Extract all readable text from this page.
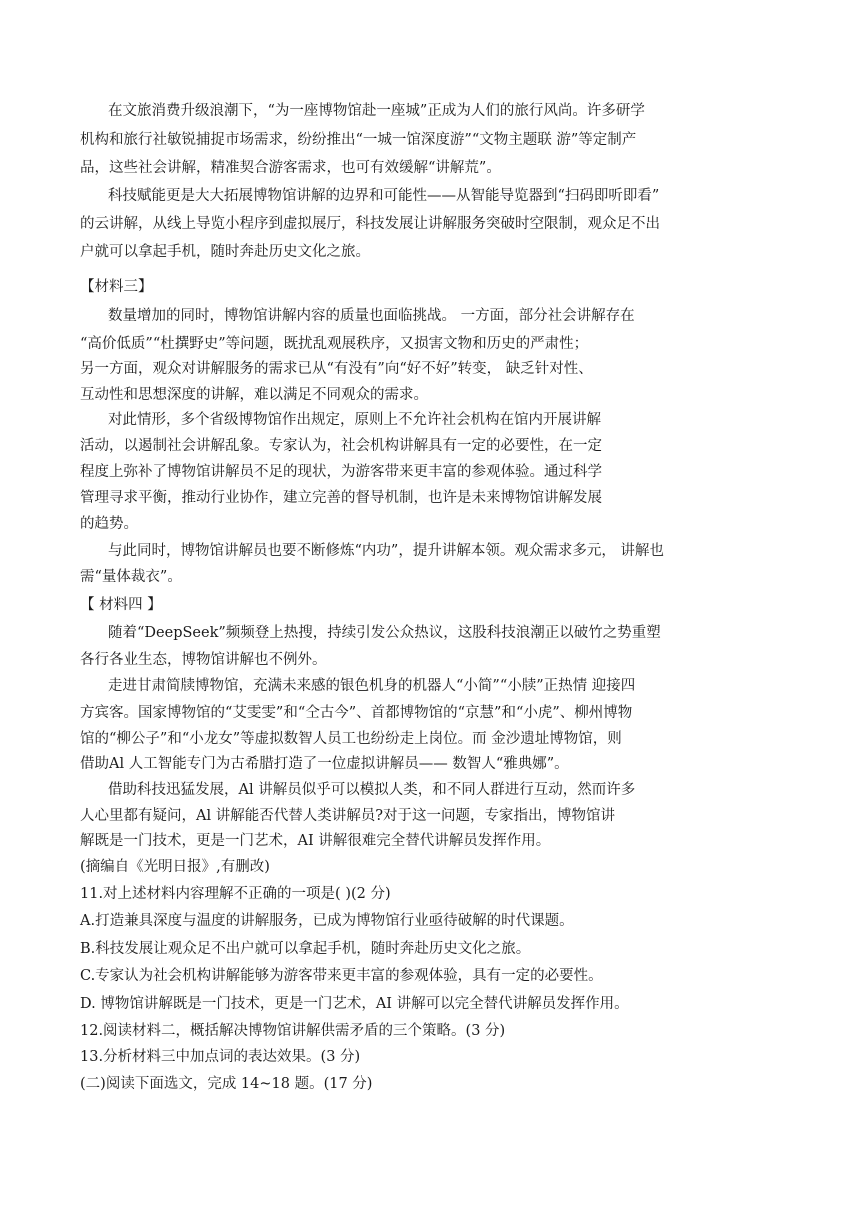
在文旅消费升级浪潮下，“为一座博物馆赴一座城”正成为人们的旅行风尚。许多研学
机构和旅行社敏锐捕捉市场需求，纷纷推出“一城一馆深度游”“文物主题联 游”等定制产
品，这些社会讲解，精准契合游客需求，也可有效缓解“讲解荒”。
科技赋能更是大大拓展博物馆讲解的边界和可能性——从智能导览器到“扫码即听即看”
的云讲解，从线上导览小程序到虚拟展厅，科技发展让讲解服务突破时空限制，观众足不出
户就可以拿起手机，随时奔赴历史文化之旅。
【材料三】
数量增加的同时，博物馆讲解内容的质量也面临挑战。 一方面，部分社会讲解存在
“高价低质”“杜撰野史”等问题，既扰乱观展秩序，又损害文物和历史的严肃性；
另一方面，观众对讲解服务的需求已从“有没有”向“好不好”转变， 缺乏针对性、
互动性和思想深度的讲解，难以满足不同观众的需求。
对此情形，多个省级博物馆作出规定，原则上不允许社会机构在馆内开展讲解
活动，以遏制社会讲解乱象。专家认为，社会机构讲解具有一定的必要性，在一定
程度上弥补了博物馆讲解员不足的现状，为游客带来更丰富的参观体验。通过科学
管理寻求平衡，推动行业协作，建立完善的督导机制，也许是未来博物馆讲解发展
的趋势。
与此同时，博物馆讲解员也要不断修炼“内功”，提升讲解本领。观众需求多元， 讲解也
需“量体裁衣”。
【 材料四 】
随着“DeepSeek”频频登上热搜，持续引发公众热议，这股科技浪潮正以破竹之势重塑
各行各业生态，博物馆讲解也不例外。
走进甘肃简牍博物馆，充满未来感的银色机身的机器人“小简”“小牍”正热情 迎接四
方宾客。国家博物馆的“艾雯雯”和“仝古今”、首都博物馆的“京慧”和“小虎”、柳州博物
馆的“柳公子”和“小龙女”等虚拟数智人员工也纷纷走上岗位。而 金沙遗址博物馆，则
借助Al 人工智能专门为古希腊打造了一位虚拟讲解员—— 数智人“雅典娜”。
借助科技迅猛发展，Al 讲解员似乎可以模拟人类，和不同人群进行互动，然而许多
人心里都有疑问，Al 讲解能否代替人类讲解员?对于这一问题，专家指出，博物馆讲
解既是一门技术，更是一门艺术，AI 讲解很难完全替代讲解员发挥作用。
(摘编自《光明日报》,有删改)
11.对上述材料内容理解不正确的一项是( )(2 分)
A.打造兼具深度与温度的讲解服务，已成为博物馆行业亟待破解的时代课题。
B.科技发展让观众足不出户就可以拿起手机，随时奔赴历史文化之旅。
C.专家认为社会机构讲解能够为游客带来更丰富的参观体验，具有一定的必要性。
D. 博物馆讲解既是一门技术，更是一门艺术，AI 讲解可以完全替代讲解员发挥作用。
12.阅读材料二，概括解决博物馆讲解供需矛盾的三个策略。(3 分)
13.分析材料三中加点词的表达效果。(3 分)
(二)阅读下面选文，完成 14~18 题。(17 分)
